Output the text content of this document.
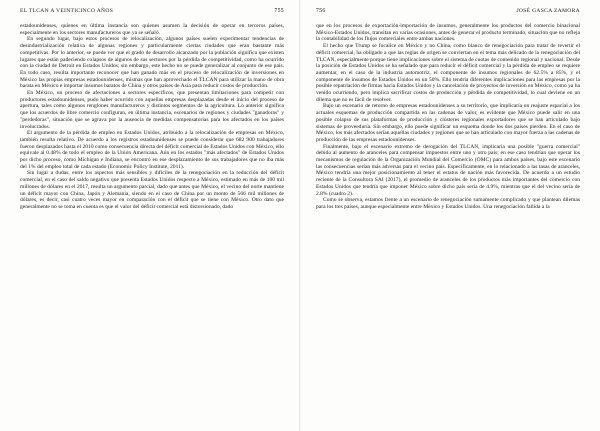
EL TLCAN A VEINTICINCO AÑOS	755

estadounidenses, quienes en última instancia son quienes asumen la decisión de operar en terceros países, especialmente en los sectores manufactureros que ya se señaló.

En segundo lugar, bajo estos procesos de relocalización, algunos países suelen experimentar tendencias de desindustrialización relativa de algunas regiones y particularmente ciertas ciudades que eran bastante más competitivas. Por lo anterior, se puede ver que el grado de desarrollo alcanzado por la población significa que existen lugares que están padeciendo colapsos de algunos de sus sectores por la pérdida de competitividad, como ha ocurrido con la ciudad de Detroit en Estados Unidos; sin embargo, este hecho no se puede generalizar al conjunto de ese país. En todo caso, resulta importante reconocer que han ganado más en el proceso de relocalización de inversiones en México las propias empresas estadounidenses, mismas que han aprovechado el TLCAN para utilizar la mano de obra barata en México e importar insumos baratos de China y otros países de Asia para reducir costos de producción.

En México, un proceso de afectaciones a sectores específicos, que presentan limitaciones para competir con productores estadounidenses, pudo haber ocurrido con aquellas empresas desplazadas desde el inicio del proceso de apertura, tales como algunos renglones manufactureros y distintos segmentos de la agricultura. Lo anterior significa que los acuerdos de libre comercio configuran, en última instancia, escenarios de regiones y ciudades "ganadoras" y "perdedoras", situación que se agrava por la ausencia de medidas compensatorias para los afectados en los países involucrados.

El argumento de la pérdida de empleo en Estados Unidos, atribuido a la relocalización de empresas en México, también resulta relativo. De acuerdo a los registros estadounidenses se puede considerar que 682 900 trabajadores fueron desplazados hasta el 2010 como consecuencia directa del déficit comercial de Estados Unidos con México, ello equivale al 0.48% de todo el empleo de la Unión Americana. Aún en los estados "más afectados" de Estados Unidos por dicho proceso, como Michigan e Indiana, se encontró en ese desplazamiento de sus trabajadores que no iba más del 1% del empleo total de cada estado (Economic Policy Institute, 2011).

Sin lugar a dudas, entre los aspectos más sensibles y difíciles de la renegociación en la reducción del déficit comercial, en el caso del saldo negativo que presenta Estados Unidos respecto a México, estimado en más de 100 mil millones de dólares en el 2017, resulta un argumento parcial, dado que antes que México, el vecino del norte mantiene un déficit mayor con China, Japón y Alemania, siendo en el caso de China por un monto de 566 mil millones de dólares, es decir, casi cuatro veces mayor en comparación con el déficit que se tiene con México. Otro dato que generalmente no se toma en cuenta es que el valor del déficit comercial está distorsionado, dado

756	JOSÉ GASCA ZAMORA

que en los procesos de exportación-importación de insumos, generalmente los productos del comercio binacional México-Estados Unidos, transitan en varias ocasiones, antes de generar el producto terminado, situación que no refleja la contabilidad de los flujos comerciales entre ambas naciones.

El hecho que Trump se focalice en México y no China, como blanco de renegociación para tratar de revertir el déficit comercial, ha obligado a que las reglas de origen se conviertan en el tema más delicado de la renegociación del TLCAN, especialmente porque tiene implicaciones sobre el sistema de cuotas de contenido regional y nacional. Desde la posición de Estados Unidos se ha señalado que para reducir el déficit comercial y la pérdida de empleo se requiere aumentar, en el caso de la industria automotriz, el componente de insumos regionales de 62.5% a 85%, y el componente de insumos de Estados Unidos en un 50%. Ello tendría diferentes implicaciones para las empresas por la posible repatriación de firmas hacia Estados Unidos y la cancelación de proyectos de inversión en México, como ya ha venido ocurriendo, pero implica sacrificar costos de producción y pérdida de competitividad, lo cual deviene en un dilema que no es fácil de resolver.

Bajo un escenario de retorno de empresas estadounidenses a su territorio, que implicaría un reajuste espacial a los actuales esquemas de producción compartida en las cadenas de valor, es evidente que México puede salir en una posible colapso de sus plataformas de producción y clústeres regionales exportadores que se han articulado bajo sistemas de proveeduría. Sin embargo, ello puede significar un esquema donde los dos países pierden. En el caso de México, los más afectados serían aquellas ciudades y regiones que se han articulado con mayor fuerza a las cadenas de producción de las empresas estadounidenses.

Finalmente, bajo el escenario extremo de derogación del TLCAN, implicaría una posible "guerra comercial" debido al aumento de aranceles para compensar impuestos entre uno y otro país; en ese caso tendrían que operar los mecanismos de regulación de la Organización Mundial del Comercio (OMC) para ambos países, bajo este escenario las consecuencias serían más adversas para el vecino país. Específicamente, en lo relacionado a las tasas de aranceles, México tendría una mejor posicionamiento al tener el estatus de nación más favorecida. De acuerdo a un estudio reciente de la Consultora SAI (2017), el promedio de aranceles de los productos más importantes del comercio con Estados Unidos que tendría que imponer México sobre dicho país sería de 4.9%, mientras que el del vecino sería de 2.8% (cuadro 2).

Como se observa, estamos frente a un escenario de renegociación sumamente complicado y que plantean dilemas para los tres países, aunque especialmente entre México y Estados Unidos. Una renegociación fallida a la
